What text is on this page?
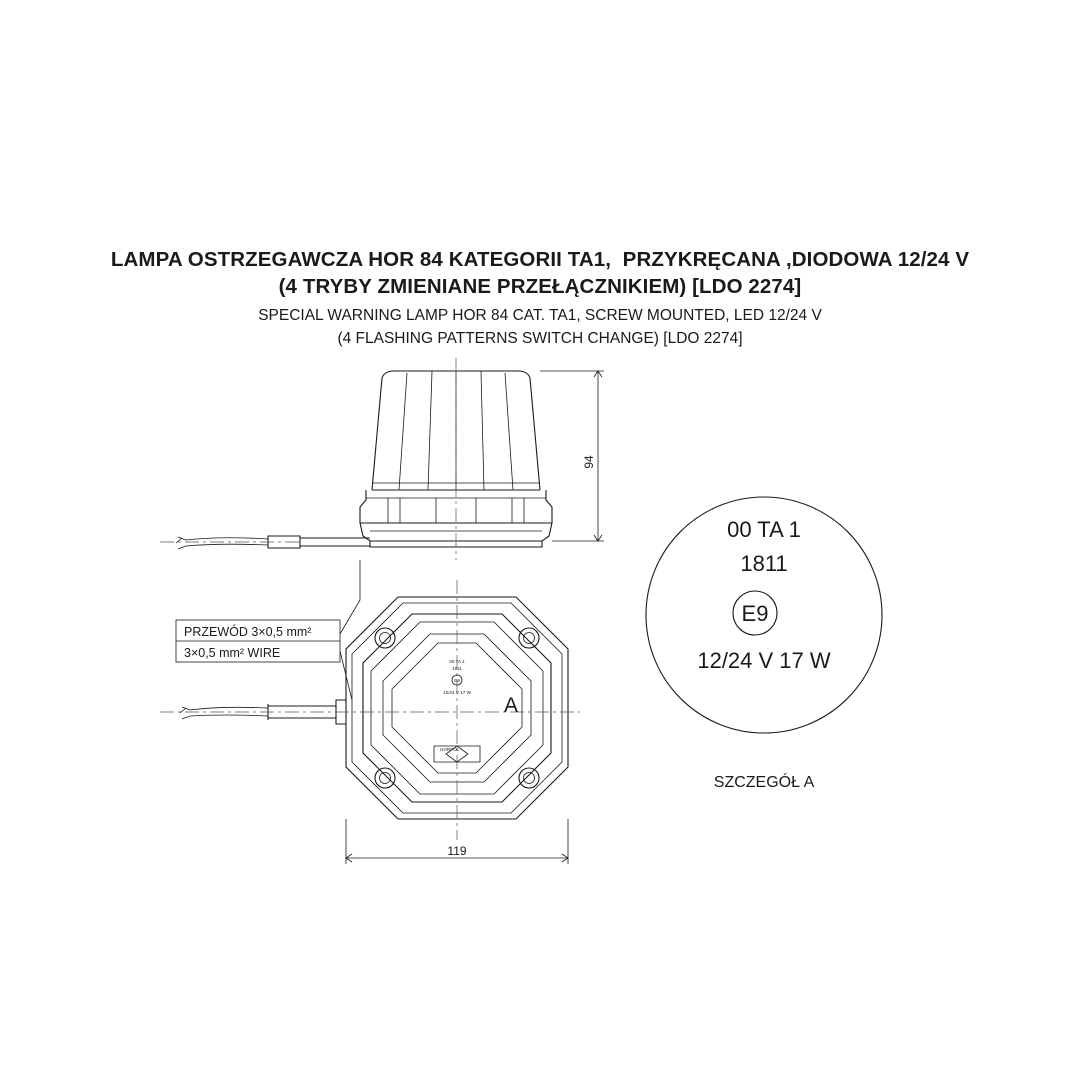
LAMPA OSTRZEGAWCZA HOR 84 KATEGORII TA1,  PRZYKRĘCANA ,DIODOWA 12/24 V
(4 TRYBY ZMIENIANE PRZEŁĄCZNIKIEM) [LDO 2274]
SPECIAL WARNING LAMP HOR 84 CAT. TA1, SCREW MOUNTED, LED 12/24 V
(4 FLASHING PATTERNS SWITCH CHANGE) [LDO 2274]
94
00 TA 1
1811
E9
12/24 V 17 W
HORPOL
A
119
PRZEWÓD 3×0,5 mm²
3×0,5 mm² WIRE
00 TA 1
1811
E9
12/24 V 17 W
SZCZEGÓŁ A
